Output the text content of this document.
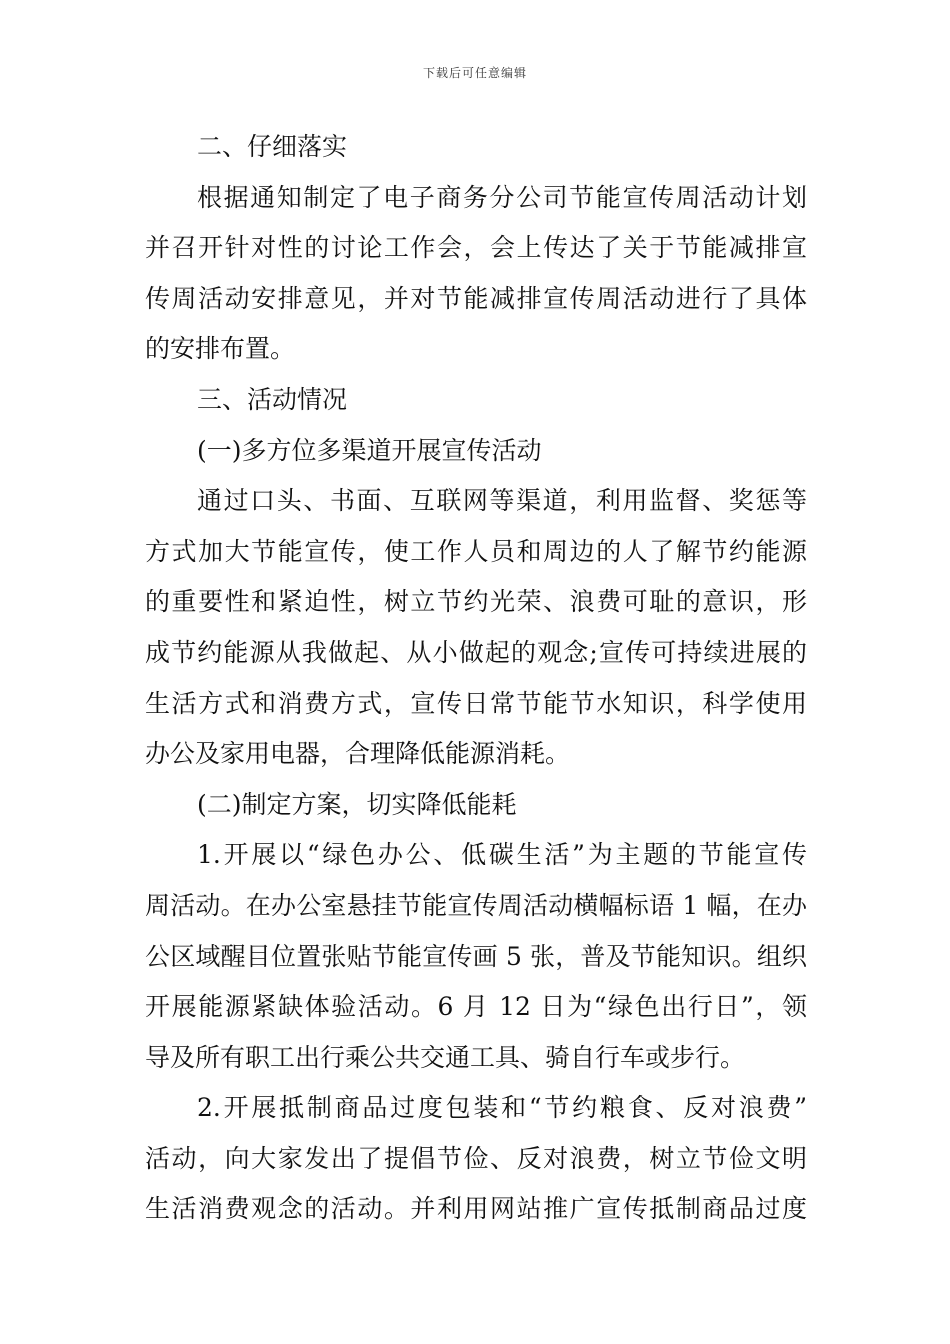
下载后可任意编辑
二、仔细落实
根据通知制定了电子商务分公司节能宣传周活动计划
并召开针对性的讨论工作会，会上传达了关于节能减排宣
传周活动安排意见，并对节能减排宣传周活动进行了具体
的安排布置。
三、活动情况
(一)多方位多渠道开展宣传活动
通过口头、书面、互联网等渠道，利用监督、奖惩等
方式加大节能宣传，使工作人员和周边的人了解节约能源
的重要性和紧迫性，树立节约光荣、浪费可耻的意识，形
成节约能源从我做起、从小做起的观念;宣传可持续进展的
生活方式和消费方式，宣传日常节能节水知识，科学使用
办公及家用电器，合理降低能源消耗。
(二)制定方案，切实降低能耗
1.开展以“绿色办公、低碳生活”为主题的节能宣传
周活动。在办公室悬挂节能宣传周活动横幅标语 1 幅，在办
公区域醒目位置张贴节能宣传画 5 张，普及节能知识。组织
开展能源紧缺体验活动。6 月 12 日为“绿色出行日”，领
导及所有职工出行乘公共交通工具、骑自行车或步行。
2.开展抵制商品过度包装和“节约粮食、反对浪费”
活动，向大家发出了提倡节俭、反对浪费，树立节俭文明
生活消费观念的活动。并利用网站推广宣传抵制商品过度
